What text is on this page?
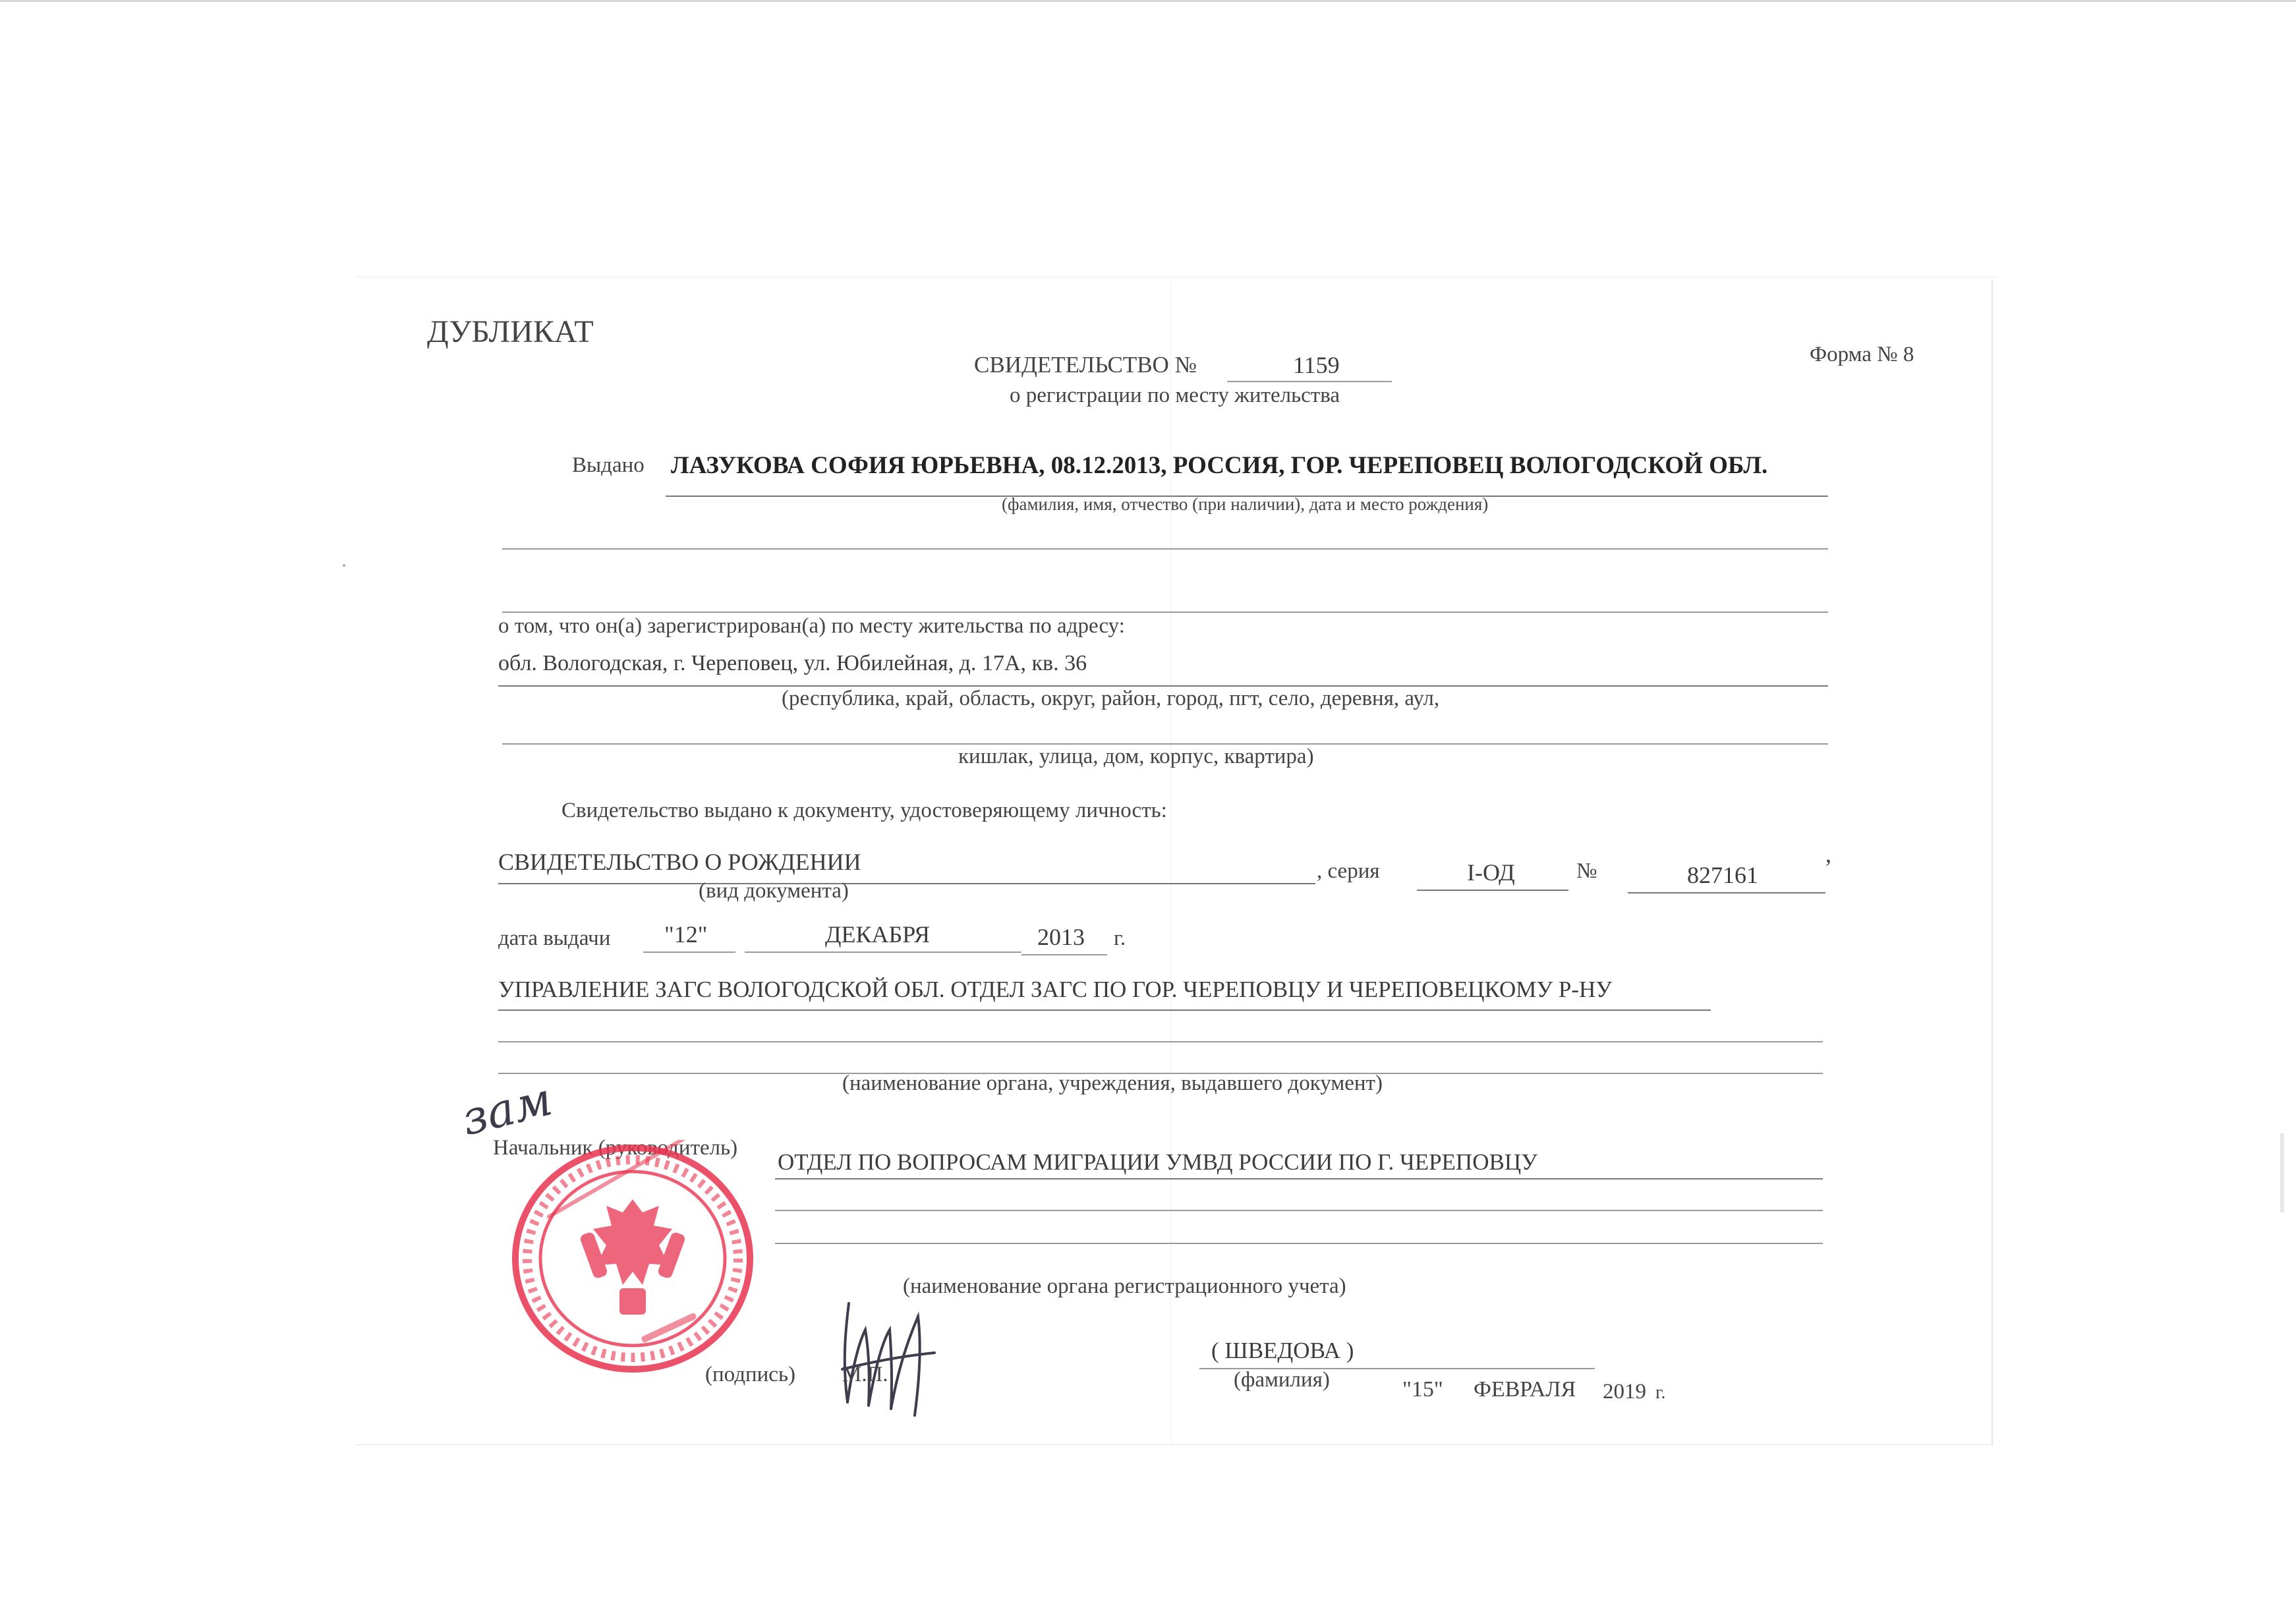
ДУБЛИКАТ
СВИДЕТЕЛЬСТВО №	1159
о регистрации по месту жительства
Форма № 8
Выдано ЛАЗУКОВА СОФИЯ ЮРЬЕВНА, 08.12.2013, РОССИЯ, ГОР. ЧЕРЕПОВЕЦ ВОЛОГОДСКОЙ ОБЛ.
(фамилия, имя, отчество (при наличии), дата и место рождения)
о том, что он(а) зарегистрирован(а) по месту жительства по адресу:
обл. Вологодская, г. Череповец, ул. Юбилейная, д. 17А, кв. 36
(республика, край, область, округ, район, город, пгт, село, деревня, аул,
кишлак, улица, дом, корпус, квартира)
Свидетельство выдано к документу, удостоверяющему личность:
СВИДЕТЕЛЬСТВО О РОЖДЕНИИ	, серия	I-ОД	№	827161
,
(вид документа)
дата выдачи "12"	ДЕКАБРЯ	2013 г.
УПРАВЛЕНИЕ ЗАГС ВОЛОГОДСКОЙ ОБЛ. ОТДЕЛ ЗАГС ПО ГОР. ЧЕРЕПОВЦУ И ЧЕРЕПОВЕЦКОМУ Р-НУ
(наименование органа, учреждения, выдавшего документ)
зам
Начальник (руководитель)
ОТДЕЛ ПО ВОПРОСАМ МИГРАЦИИ УМВД РОССИИ ПО Г. ЧЕРЕПОВЦУ
(наименование органа регистрационного учета)
(подпись) М.П.
( ШВЕДОВА )
(фамилия)	"15" ФЕВРАЛЯ 2019 г.
